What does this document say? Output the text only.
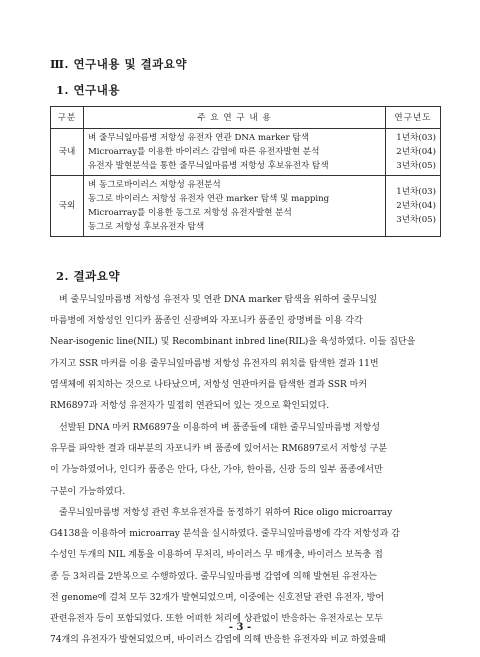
Ⅲ. 연구내용 및 결과요약
1. 연구내용
구분	주 요 연 구 내 용	연구년도
국내	벼 줄무늬잎마름병 저항성 유전자 연관 DNA marker 탐색
Microarray를 이용한 바이러스 감염에 따른 유전자발현 분석
유전자 발현분석을 통한 줄무늬잎마름병 저항성 후보유전자 탐색	1년차(03)
2년차(04)
3년차(05)

국외	벼 동그로바이러스 저항성 유전분석
동그로 바이러스 저항성 유전자 연관 marker 탐색 및 mapping
Microarray를 이용한 동그로 저항성 유전자발현 분석
동그로 저항성 후보유전자 탐색	1년차(03)
2년차(04)
3년차(05)
2. 결과요약
　벼 줄무늬잎마름병 저항성 유전자 및 연관 DNA marker 탐색을 위하여 줄무늬잎
마름병에 저항성인 인디카 품종인 신광벼와 자포니카 품종인 광명벼를 이용 각각
Near-isogenic line(NIL) 및 Recombinant inbred line(RIL)을 육성하였다. 이들 집단을
가지고 SSR 마커를 이용 줄무늬잎마름병 저항성 유전자의 위치를 탐색한 결과 11번
염색체에 위치하는 것으로 나타났으며, 저항성 연관마커를 탐색한 결과 SSR 마커
RM6897과 저항성 유전자가 밀접히 연관되어 있는 것으로 확인되었다.
　선발된 DNA 마커 RM6897을 이용하여 벼 품종들에 대한 줄무늬잎마름병 저항성
유무를 파악한 결과 대부분의 자포니카 벼 품종에 있어서는 RM6897로서 저항성 구분
이 가능하였어나, 인디카 품종은 안다, 다산, 가야, 한아름, 신광 등의 일부 품종에서만
구분이 가능하였다.
　줄무늬잎마름병 저항성 관련 후보유전자를 동정하기 위하여 Rice oligo microarray
G4138을 이용하여 microarray 분석을 실시하였다. 줄무늬잎마름병에 각각 저항성과 감
수성인 두개의 NIL 계통을 이용하여 무처리, 바이러스 무 매개충, 바이러스 보독충 접
종 등 3처리를 2반복으로 수행하였다. 줄무늬잎마름병 감염에 의해 발현된 유전자는
전 genome에 걸쳐 모두 32개가 발현되었으며, 이중에는 신호전달 관련 유전자, 방어
관련유전자 등이 포함되었다. 또한 어떠한 처리에 상관없이 반응하는 유전자로는 모두
74개의 유전자가 발현되었으며, 바이러스 감염에 의해 반응한 유전자와 비교 하였을때
- 3 -
